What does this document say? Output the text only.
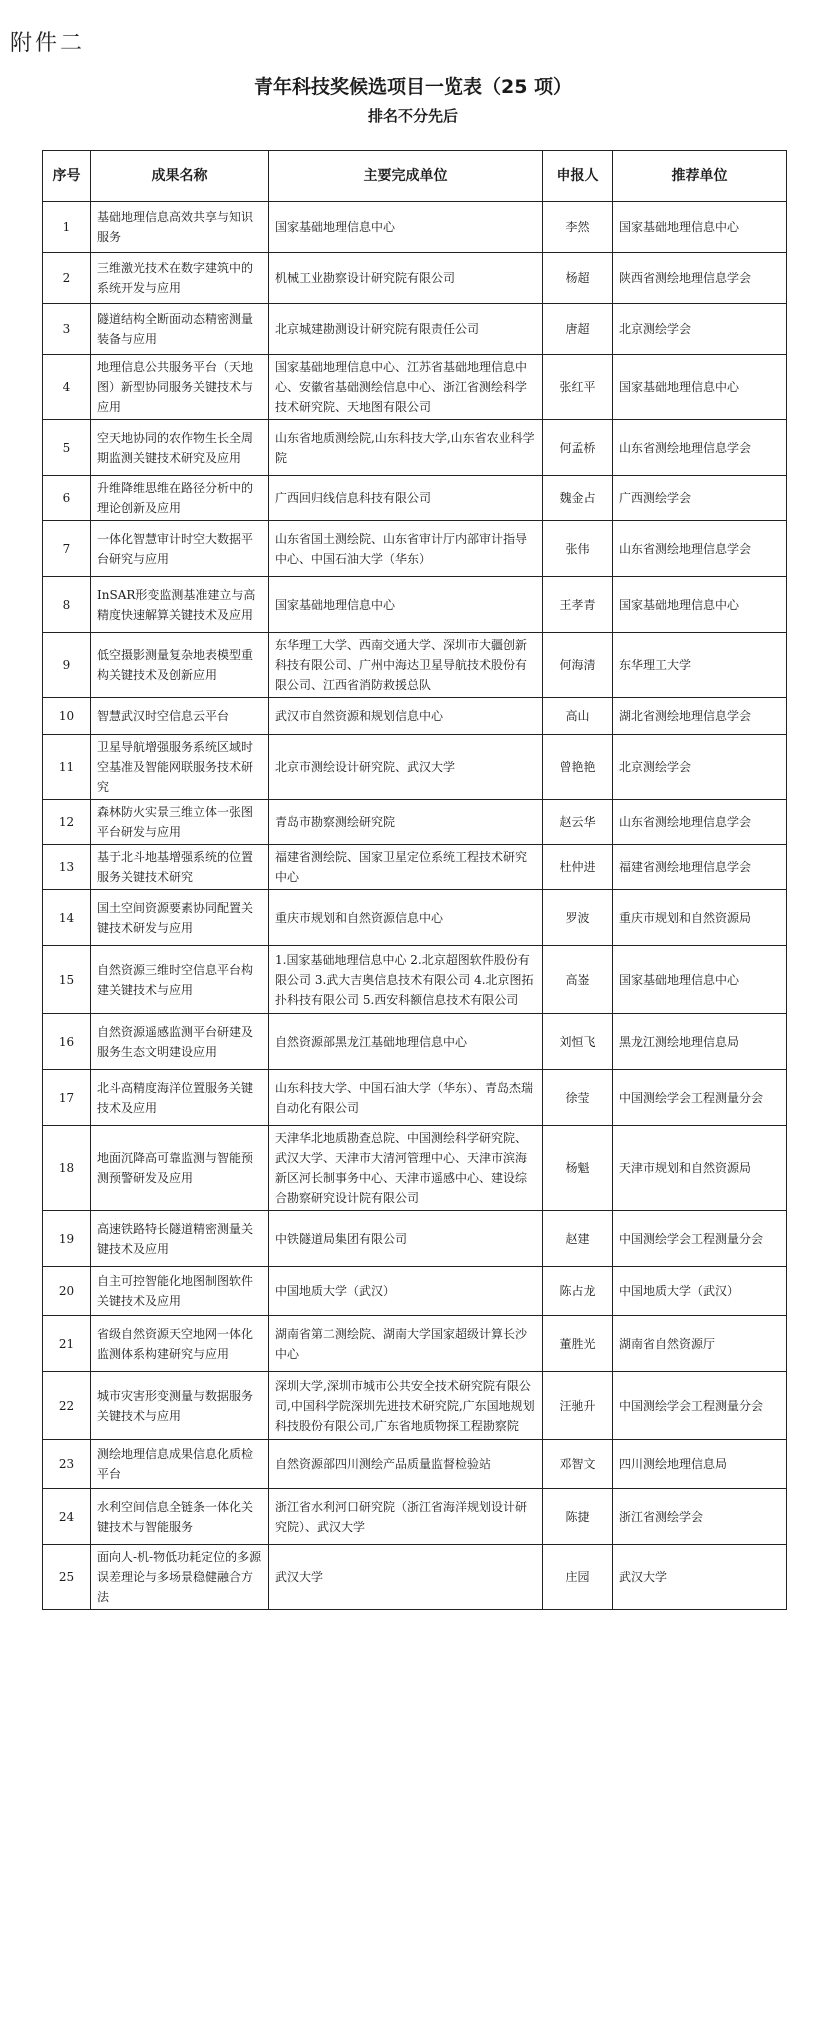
附件二
青年科技奖候选项目一览表（25 项）
排名不分先后
序号	成果名称	主要完成单位	申报人	推荐单位
1	基础地理信息高效共享与知识服务	国家基础地理信息中心	李然	国家基础地理信息中心
2	三维激光技术在数字建筑中的系统开发与应用	机械工业勘察设计研究院有限公司	杨超	陕西省测绘地理信息学会
3	隧道结构全断面动态精密测量装备与应用	北京城建勘测设计研究院有限责任公司	唐超	北京测绘学会
4	地理信息公共服务平台（天地图）新型协同服务关键技术与应用	国家基础地理信息中心、江苏省基础地理信息中心、安徽省基础测绘信息中心、浙江省测绘科学技术研究院、天地图有限公司	张红平	国家基础地理信息中心
5	空天地协同的农作物生长全周期监测关键技术研究及应用	山东省地质测绘院,山东科技大学,山东省农业科学院	何孟桥	山东省测绘地理信息学会
6	升维降维思维在路径分析中的理论创新及应用	广西回归线信息科技有限公司	魏金占	广西测绘学会
7	一体化智慧审计时空大数据平台研究与应用	山东省国土测绘院、山东省审计厅内部审计指导中心、中国石油大学（华东）	张伟	山东省测绘地理信息学会
8	InSAR形变监测基准建立与高精度快速解算关键技术及应用	国家基础地理信息中心	王孝青	国家基础地理信息中心
9	低空摄影测量复杂地表模型重构关键技术及创新应用	东华理工大学、西南交通大学、深圳市大疆创新科技有限公司、广州中海达卫星导航技术股份有限公司、江西省消防救援总队	何海清	东华理工大学
10	智慧武汉时空信息云平台	武汉市自然资源和规划信息中心	高山	湖北省测绘地理信息学会
11	卫星导航增强服务系统区域时空基准及智能网联服务技术研究	北京市测绘设计研究院、武汉大学	曾艳艳	北京测绘学会
12	森林防火实景三维立体一张图平台研发与应用	青岛市勘察测绘研究院	赵云华	山东省测绘地理信息学会
13	基于北斗地基增强系统的位置服务关键技术研究	福建省测绘院、国家卫星定位系统工程技术研究中心	杜仲进	福建省测绘地理信息学会
14	国土空间资源要素协同配置关键技术研发与应用	重庆市规划和自然资源信息中心	罗波	重庆市规划和自然资源局
15	自然资源三维时空信息平台构建关键技术与应用	1.国家基础地理信息中心 2.北京超图软件股份有限公司 3.武大吉奥信息技术有限公司 4.北京图拓扑科技有限公司 5.西安科额信息技术有限公司	高崟	国家基础地理信息中心
16	自然资源遥感监测平台研建及服务生态文明建设应用	自然资源部黑龙江基础地理信息中心	刘恒飞	黑龙江测绘地理信息局
17	北斗高精度海洋位置服务关键技术及应用	山东科技大学、中国石油大学（华东）、青岛杰瑞自动化有限公司	徐莹	中国测绘学会工程测量分会
18	地面沉降高可靠监测与智能预测预警研发及应用	天津华北地质勘查总院、中国测绘科学研究院、武汉大学、天津市大清河管理中心、天津市滨海新区河长制事务中心、天津市遥感中心、建设综合勘察研究设计院有限公司	杨魁	天津市规划和自然资源局
19	高速铁路特长隧道精密测量关键技术及应用	中铁隧道局集团有限公司	赵建	中国测绘学会工程测量分会
20	自主可控智能化地图制图软件关键技术及应用	中国地质大学（武汉）	陈占龙	中国地质大学（武汉）
21	省级自然资源天空地网一体化监测体系构建研究与应用	湖南省第二测绘院、湖南大学国家超级计算长沙中心	董胜光	湖南省自然资源厅
22	城市灾害形变测量与数据服务关键技术与应用	深圳大学,深圳市城市公共安全技术研究院有限公司,中国科学院深圳先进技术研究院,广东国地规划科技股份有限公司,广东省地质物探工程勘察院	汪驰升	中国测绘学会工程测量分会
23	测绘地理信息成果信息化质检平台	自然资源部四川测绘产品质量监督检验站	邓智文	四川测绘地理信息局
24	水利空间信息全链条一体化关键技术与智能服务	浙江省水利河口研究院（浙江省海洋规划设计研究院）、武汉大学	陈捷	浙江省测绘学会
25	面向人-机-物低功耗定位的多源误差理论与多场景稳健融合方法	武汉大学	庄园	武汉大学
